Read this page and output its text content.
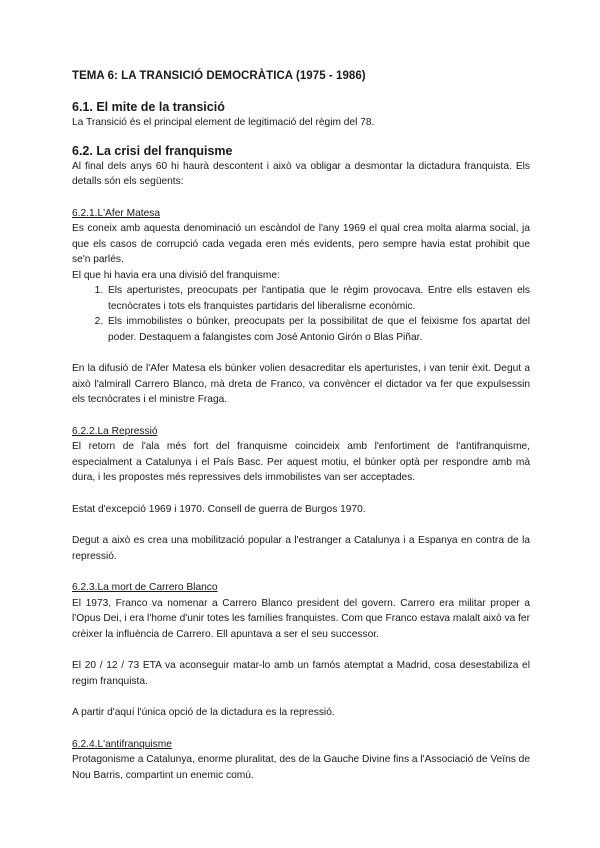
TEMA 6: LA TRANSICIÓ DEMOCRÀTICA (1975 - 1986)
6.1. El mite de la transició

La Transició és el principal element de legitimació del règim del 78.

6.2. La crisi del franquisme

Al final dels anys 60 hi haurà descontent i això va obligar a desmontar la dictadura franquista. Els detalls són els següents:

6.2.1.L'Afer Matesa

Es coneix amb aquesta denominació un escàndol de l'any 1969 el qual crea molta alarma social, ja que els casos de corrupció cada vegada eren més evidents, pero sempre havia estat prohibit que se'n parlés.

El que hi havia era una divisió del franquisme:

1. Els aperturistes, preocupats per l'antipatia que le règim provocava. Entre ells estaven els tecnòcrates i tots els franquistes partidaris del liberalisme econòmic.
2. Els immobilistes o búnker, preocupats per la possibilitat de que el feixisme fos apartat del poder. Destaquem a falangistes com José Antonio Girón o Blas Piñar.

En la difusió de l'Afer Matesa els búnker volien desacreditar els aperturistes, i van tenir èxit. Degut a això l'almirall Carrero Blanco, mà dreta de Franco, va convèncer el dictador va fer que expulsessin els tecnòcrates i el ministre Fraga.

6.2.2.La Repressió

El retorn de l'ala més fort del franquisme coincideix amb l'enfortiment de l'antifranquisme, especialment a Catalunya i el País Basc. Per aquest motiu, el búnker optà per respondre amb mà dura, i les propostes més repressives dels immobilistes van ser acceptades.

Estat d'excepció 1969 i 1970. Consell de guerra de Burgos 1970.

Degut a això es crea una mobilització popular a l'estranger a Catalunya i a Espanya en contra de la repressió.

6.2.3.La mort de Carrero Blanco

El 1973, Franco va nomenar a Carrero Blanco president del govern. Carrero era militar proper a l'Opus Dei, i era l'home d'unir totes les famílies franquistes. Com que Franco estava malalt això va fer crèixer la influència de Carrero. Ell apuntava a ser el seu successor.

El 20 / 12 / 73 ETA va aconseguir matar-lo amb un famós atemptat a Madrid, cosa desestabiliza el regim franquista.

A partir d'aquí l'única opció de la dictadura es la repressió.

6.2.4.L'antifranquisme

Protagonisme a Catalunya, enorme pluralitat, des de la Gauche Divine fins a l'Associació de Veïns de Nou Barris, compartint un enemic comú.
